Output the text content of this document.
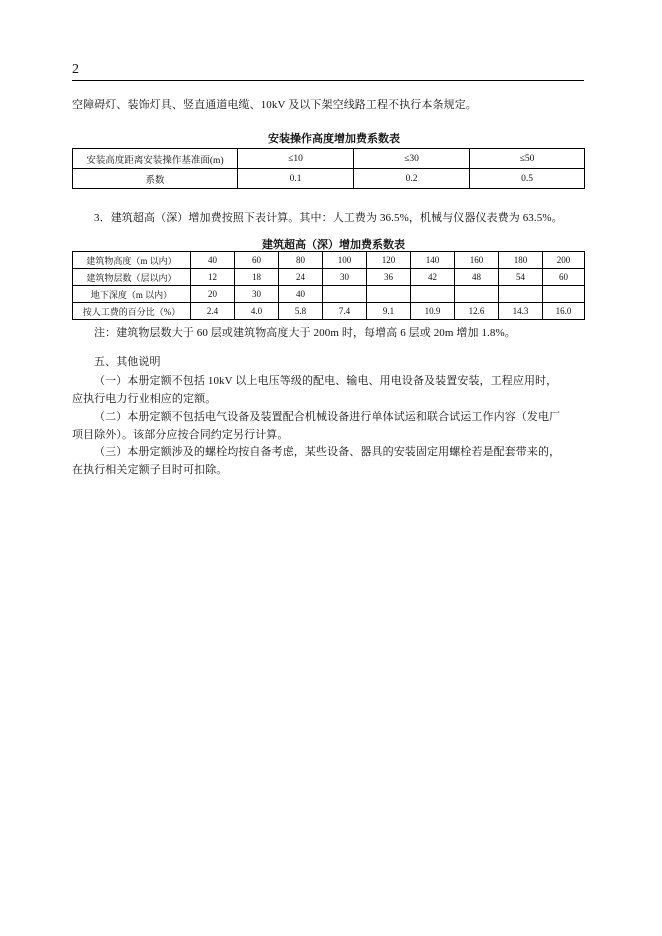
2
空障碍灯、装饰灯具、竖直通道电缆、10kV 及以下架空线路工程不执行本条规定。
安装操作高度增加费系数表
安装高度距离安装操作基准面(m)	≤10	≤30	≤50
系数	0.1	0.2	0.5
3．建筑超高（深）增加费按照下表计算。其中：人工费为 36.5%，机械与仪器仪表费为 63.5%。
建筑超高（深）增加费系数表
建筑物高度（m 以内）	40	60	80	100	120	140	160	180	200
建筑物层数（层以内）	12	18	24	30	36	42	48	54	60
地下深度（m 以内）	20	30	40						
按人工费的百分比（%）	2.4	4.0	5.8	7.4	9.1	10.9	12.6	14.3	16.0
注：建筑物层数大于 60 层或建筑物高度大于 200m 时，每增高 6 层或 20m 增加 1.8%。
五、其他说明
（一）本册定额不包括 10kV 以上电压等级的配电、输电、用电设备及装置安装，工程应用时，
应执行电力行业相应的定额。
（二）本册定额不包括电气设备及装置配合机械设备进行单体试运和联合试运工作内容（发电厂
项目除外）。该部分应按合同约定另行计算。
（三）本册定额涉及的螺栓均按自备考虑，某些设备、器具的安装固定用螺栓若是配套带来的，
在执行相关定额子目时可扣除。
